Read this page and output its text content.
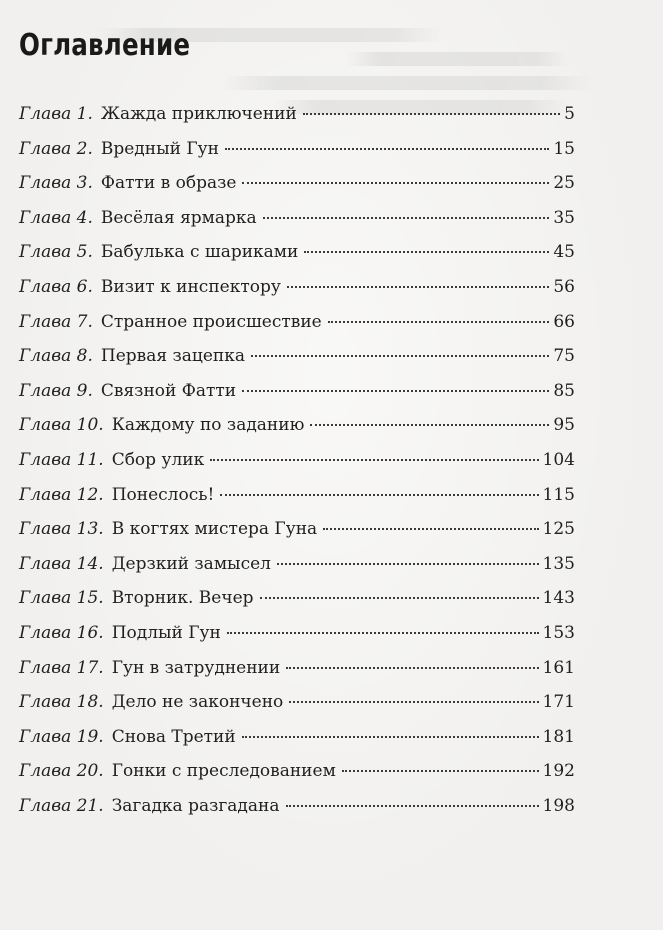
Оглавление
Глава 1. Жажда приключений	5
Глава 2. Вредный Гун	15
Глава 3. Фатти в образе	25
Глава 4. Весёлая ярмарка	35
Глава 5. Бабулька с шариками	45
Глава 6. Визит к инспектору	56
Глава 7. Странное происшествие	66
Глава 8. Первая зацепка	75
Глава 9. Связной Фатти	85
Глава 10. Каждому по заданию	95
Глава 11. Сбор улик	104
Глава 12. Понеслось!	115
Глава 13. В когтях мистера Гуна	125
Глава 14. Дерзкий замысел	135
Глава 15. Вторник. Вечер	143
Глава 16. Подлый Гун	153
Глава 17. Гун в затруднении	161
Глава 18. Дело не закончено	171
Глава 19. Снова Третий	181
Глава 20. Гонки с преследованием	192
Глава 21. Загадка разгадана	198
